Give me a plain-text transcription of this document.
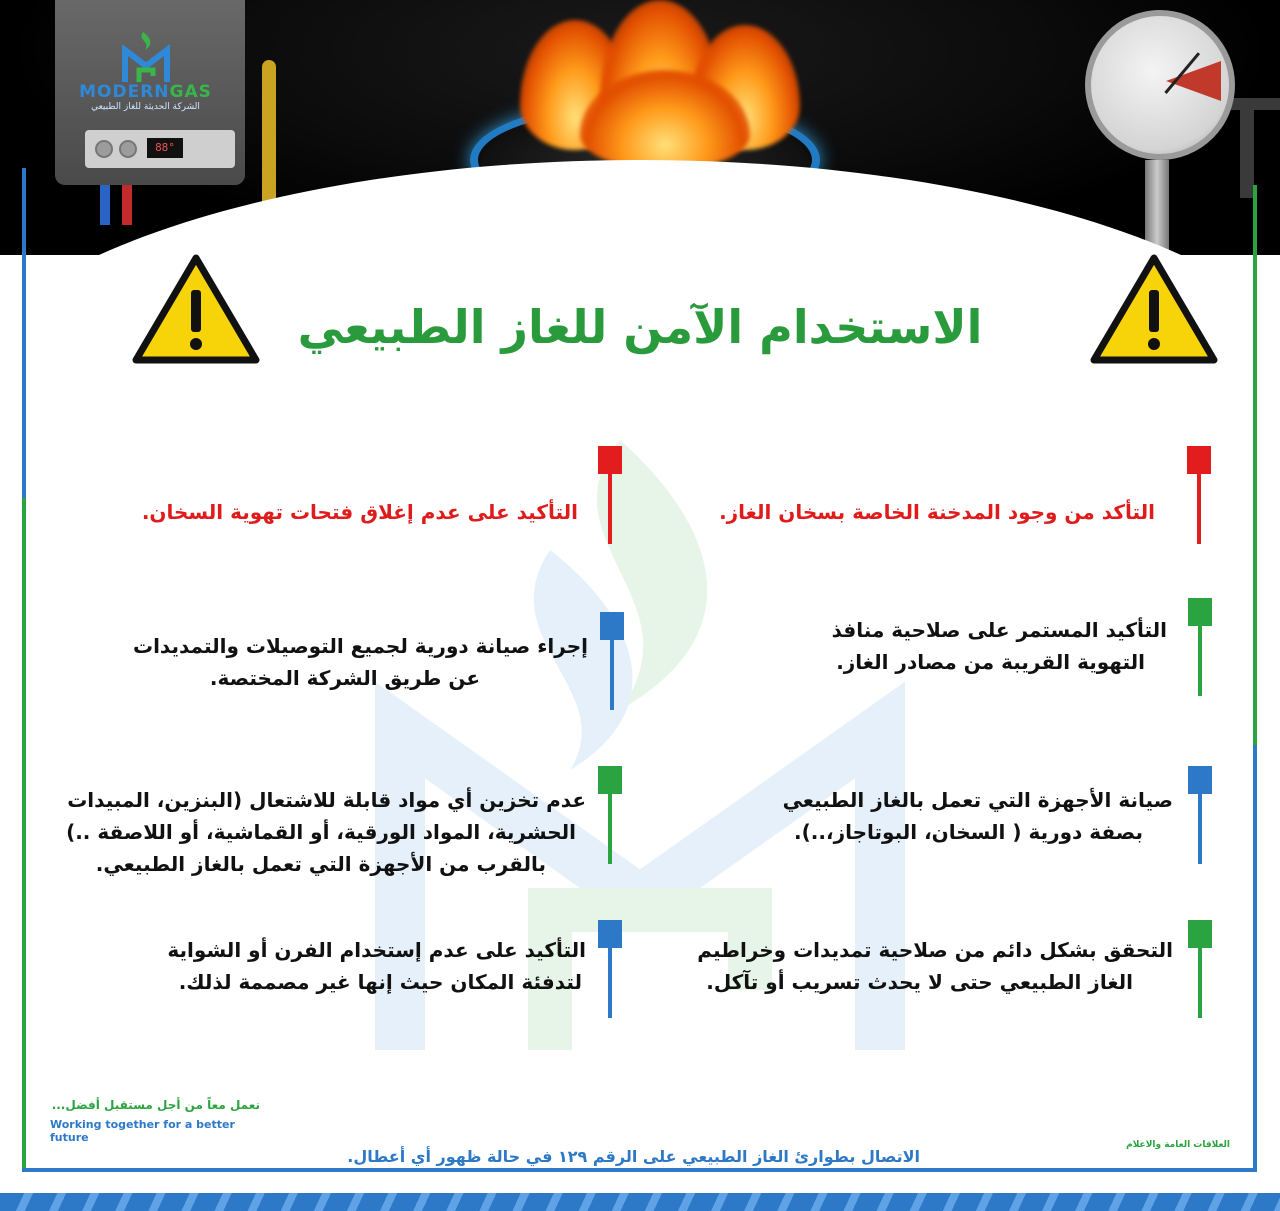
88°
MODERNGAS
الشركة الحديثة للغاز الطبيعي
الاستخدام الآمن للغاز الطبيعي
التأكد من وجود المدخنة الخاصة بسخان الغاز.
التأكيد المستمر على صلاحية منافذ
التهوية القريبة من مصادر الغاز.
صيانة الأجهزة التي تعمل بالغاز الطبيعي
بصفة دورية ( السخان، البوتاجاز،..).
التحقق بشكل دائم من صلاحية تمديدات وخراطيم
الغاز الطبيعي حتى لا يحدث تسريب أو تآكل.
التأكيد على عدم إغلاق فتحات تهوية السخان.
إجراء صيانة دورية لجميع التوصيلات والتمديدات
عن طريق الشركة المختصة.
عدم تخزين أي مواد قابلة للاشتعال (البنزين، المبيدات
الحشرية، المواد الورقية، أو القماشية، أو اللاصقة ..)
بالقرب من الأجهزة التي تعمل بالغاز الطبيعي.
التأكيد على عدم إستخدام الفرن أو الشواية
لتدفئة المكان حيث إنها غير مصممة لذلك.
نعمل معاً من أجل مستقبل أفضل...
Working together for a better future
الاتصال بطوارئ الغاز الطبيعي على الرقم ١٢٩ في حالة ظهور أي أعطال.
العلاقات العامة والاعلام
